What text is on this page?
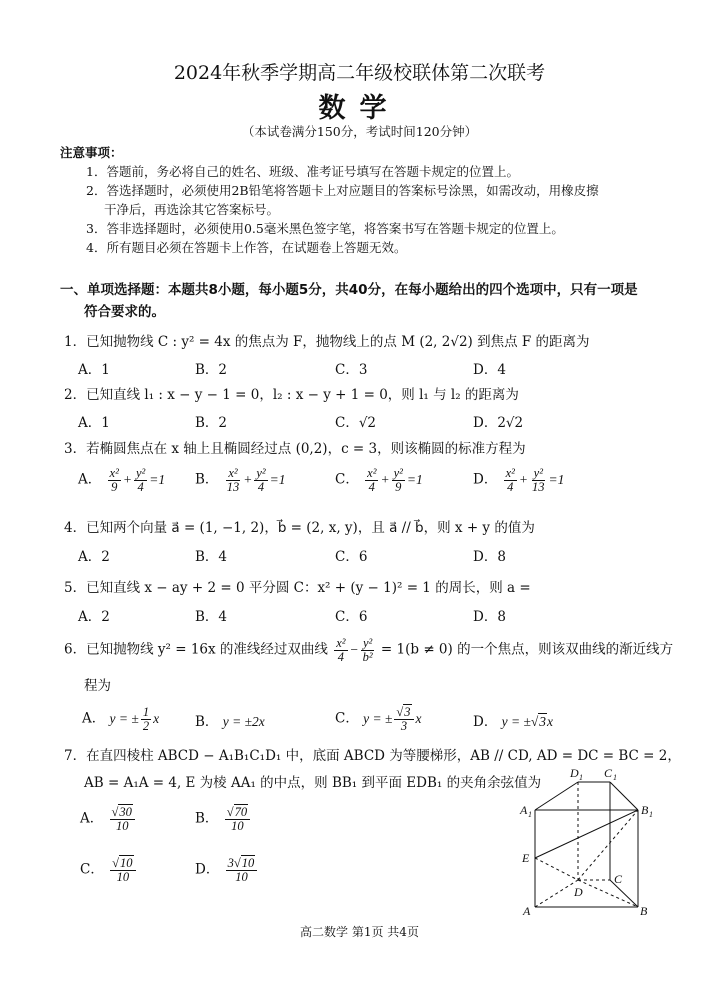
2024年秋季学期高二年级校联体第二次联考
数学
（本试卷满分150分，考试时间120分钟）
注意事项：
1．答题前，务必将自己的姓名、班级、准考证号填写在答题卡规定的位置上。
2．答选择题时，必须使用2B铅笔将答题卡上对应题目的答案标号涂黑，如需改动，用橡皮擦
干净后，再选涂其它答案标号。
3．答非选择题时，必须使用0.5毫米黑色签字笔，将答案书写在答题卡规定的位置上。
4．所有题目必须在答题卡上作答，在试题卷上答题无效。
一、单项选择题：本题共8小题，每小题5分，共40分，在每小题给出的四个选项中，只有一项是
符合要求的。
1．已知抛物线 C : y² = 4x 的焦点为 F，抛物线上的点 M (2, 2√2) 到焦点 F 的距离为
A．1	B．2	C．3	D．4
2．已知直线 l₁ : x − y − 1 = 0，l₂ : x − y + 1 = 0，则 l₁ 与 l₂ 的距离为
A．1	B．2	C．√2	D．2√2
3．若椭圆焦点在 x 轴上且椭圆经过点 (0,2)，c = 3，则该椭圆的标准方程为
A． $\frac{\text{x²}}{9} + \frac{\text{y²}}{4} =1$ B． $\frac{\text{x²}}{13} + \frac{\text{y²}}{4} =1$	C． $\frac{\text{x²}}{4} + \frac{\text{y²}}{9} =1$	D． $\frac{\text{x²}}{4} + \frac{\text{y²}}{13} =1$
4．已知两个向量 a⃗ = (1, −1, 2)，b⃗ = (2, x, y)，且 a⃗ // b⃗，则 x + y 的值为
A．2	B．4	C．6	D．8
5．已知直线 x − ay + 2 = 0 平分圆 C：x² + (y − 1)² = 1 的周长，则 a =
A．2	B．4	C．6	D．8
6．已知抛物线 y² = 16x 的准线经过双曲线 $\frac{\text{x²}}{4} - \frac{\text{y²}}{\text{b²}} = 1(b \ne 0)$ 的一个焦点，则该双曲线的渐近线方
程为
A． y = ± $\frac{1}{2}$ x	B． y = ±2x	C． y = ± $\frac{√3}{3}$ x	D． y = ±√3x
7．在直四棱柱 ABCD − A₁B₁C₁D₁ 中，底面 ABCD 为等腰梯形，AB // CD, AD = DC = BC = 2，
AB = A₁A = 4, E 为棱 AA₁ 的中点，则 BB₁ 到平面 EDB₁ 的夹角余弦值为
A． $\frac{√30}{10}$	B． $\frac{√70}{10}$
C． $\frac{√10}{10}$	D． $\frac{3√10}{10}$
A 1	B 1
D 1 C 1
E
D
C
A	B
高二数学 第1页 共4页
